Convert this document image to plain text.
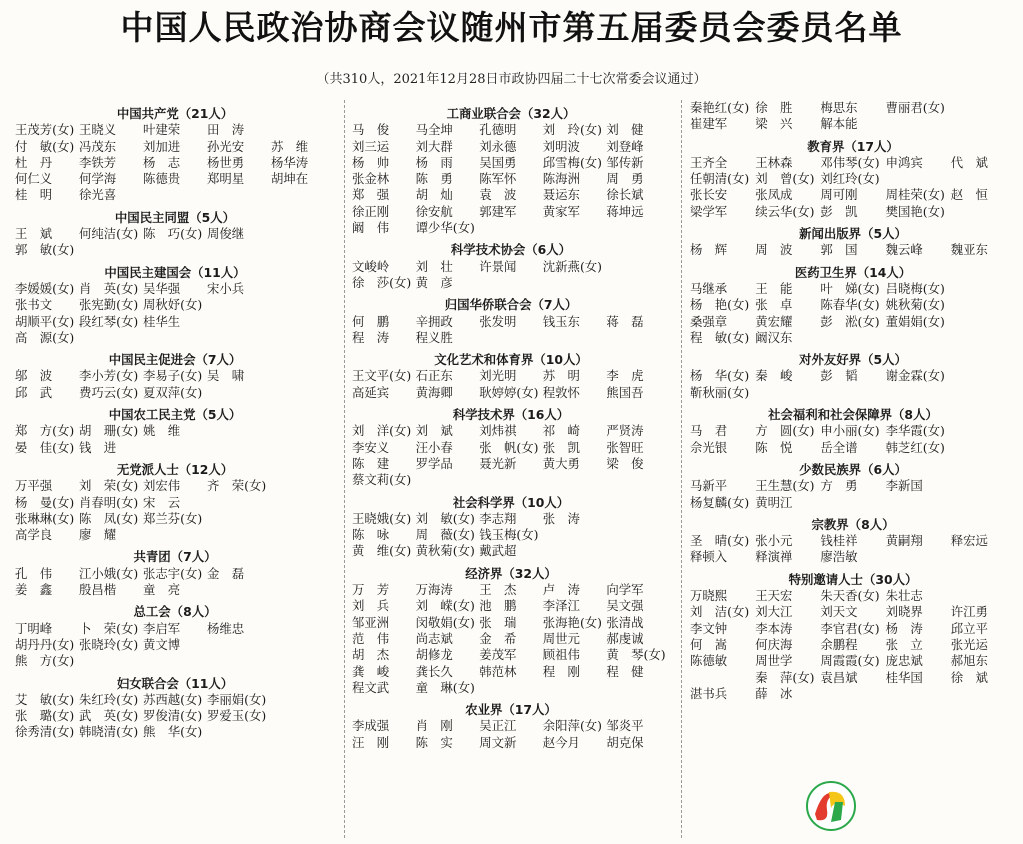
中国人民政治协商会议随州市第五届委员会委员名单
（共310人，2021年12月28日市政协四届二十七次常委会议通过）
中国共产党（21人）
王茂芳(女) 王晓义	叶建荣	田　涛

付　敏(女) 冯茂东	刘加进	孙光安	苏　维
杜　丹	李铁芳	杨　志	杨世勇	杨华涛
何仁义	何学海	陈德贵	郑明星	胡坤在
桂　明	徐光喜
中国民主同盟（5人）
王　斌	何纯洁(女) 陈　巧(女) 周俊继

郭　敏(女)
中国民主建国会（11人）
李媛媛(女) 肖　英(女) 吴华强	宋小兵

张书文	张宪勤(女) 周秋妤(女)

胡顺平(女) 段红琴(女) 桂华生

高　源(女)
中国民主促进会（7人）
邬　波	李小芳(女) 李易子(女) 吴　啸

邱　武	费巧云(女) 夏双萍(女)
中国农工民主党（5人）
郑　方(女) 胡　珊(女) 姚　维

晏　佳(女) 钱　进
无党派人士（12人）
万平强	刘　荣(女) 刘宏伟	齐　荣(女)

杨　曼(女) 肖春明(女) 宋　云

张琳琳(女) 陈　凤(女) 郑兰芬(女)

高学良	廖　耀
共青团（7人）
孔　伟	江小娥(女) 张志宇(女) 金　磊

姜　鑫	殷昌楷	童　亮
总工会（8人）
丁明峰	卜　荣(女) 李启军	杨维忠

胡丹丹(女) 张晓玲(女) 黄文博

熊　方(女)
妇女联合会（11人）
艾　敏(女) 朱红玲(女) 苏西越(女) 李丽娟(女)

张　璐(女) 武　英(女) 罗俊清(女) 罗爱玉(女)

徐秀清(女) 韩晓清(女) 熊　华(女)
工商业联合会（32人）
马　俊	马全坤	孔德明	刘　玲(女) 刘　健
刘三运	刘大群	刘永德	刘明波	刘登峰
杨　帅	杨　雨	吴国勇	邱雪梅(女) 邹传新
张金林	陈　勇	陈军怀	陈海洲	周　勇
郑　强	胡　灿	袁　波	聂运东	徐长斌
徐正刚	徐安航	郭建军	黄家军	蒋坤远
阚　伟	谭少华(女)
科学技术协会（6人）
文峻岭	刘　壮	许景闻	沈新燕(女)

徐　莎(女) 黄　彦
归国华侨联合会（7人）
何　鹏	辛拥政	张发明	钱玉东	蒋　磊
程　涛	程义胜
文化艺术和体育界（10人）
王文平(女) 石正东	刘光明	苏　明	李　虎
高延宾	黄海卿	耿婷婷(女) 程敦怀	熊国吾
科学技术界（16人）
刘　洋(女) 刘　斌	刘炜祺	祁　崎	严贤涛
李安义	汪小春	张　帆(女) 张　凯	张智旺
陈　建	罗学品	聂光新	黄大勇	梁　俊
蔡文莉(女)
社会科学界（10人）
王晓娥(女) 刘　敏(女) 李志翔	张　涛

陈　咏	周　薇(女) 钱玉梅(女)

黄　维(女) 黄秋菊(女) 戴武超
经济界（32人）
万　芳	万海涛	王　杰	卢　涛	向学军
刘　兵	刘　嵘(女) 池　鹏	李泽江	吴文强
邹亚洲	闵敬娟(女) 张　瑞	张海艳(女) 张清战
范　伟	尚志斌	金　希	周世元	郝虔诚
胡　杰	胡修龙	姜茂军	顾祖伟	黄　琴(女)
龚　峻	龚长久	韩范林	程　刚	程　健
程文武	童　琳(女)
农业界（17人）
李成强	肖　刚	吴正江	余阳萍(女) 邹炎平
汪　刚	陈　实	周文新	赵今月	胡克保
秦艳红(女) 徐　胜	梅思东	曹丽君(女)

崔建军	梁　兴	解本能
教育界（17人）
王齐全	王林森	邓伟琴(女) 申鸿宾	代　斌
任朝清(女) 刘　曾(女) 刘红玲(女)

张长安	张凤成	周可刚	周桂荣(女) 赵　恒
梁学军	续云华(女) 彭　凯	樊国艳(女)
新闻出版界（5人）
杨　辉	周　波	郭　国	魏云峰	魏亚东
医药卫生界（14人）
马继承	王　能	叶　娣(女) 吕晓梅(女)

杨　艳(女) 张　卓	陈春华(女) 姚秋菊(女)

桑强章	黄宏耀	彭　淞(女) 董娟娟(女)

程　敏(女) 阚汉东
对外友好界（5人）
杨　华(女) 秦　峻	彭　韬	谢金霖(女)

靳秋丽(女)
社会福利和社会保障界（8人）
马　君	方　圆(女) 申小丽(女) 李华霞(女)

佘光银	陈　悦	岳全谱	韩芝红(女)
少数民族界（6人）
马新平	王生慧(女) 方　勇	李新国

杨复麟(女) 黄明江
宗教界（8人）
圣　晴(女) 张小元	钱桂祥	黄嗣翔	释宏远
释顿入	释演禅	廖浩敏
特别邀请人士（30人）
万晓熙	王天宏	朱天香(女) 朱壮志

刘　洁(女) 刘大江	刘天文	刘晓界	许江勇
李文钟	李本涛	李官君(女) 杨　涛	邱立平
何　嵩	何庆海	余鹏程	张　立	张光运
陈德敏	周世学	周霞霞(女) 庞忠斌	郝旭东

秦　萍(女) 袁昌斌	桂华国	徐　斌
湛书兵	薛　冰
